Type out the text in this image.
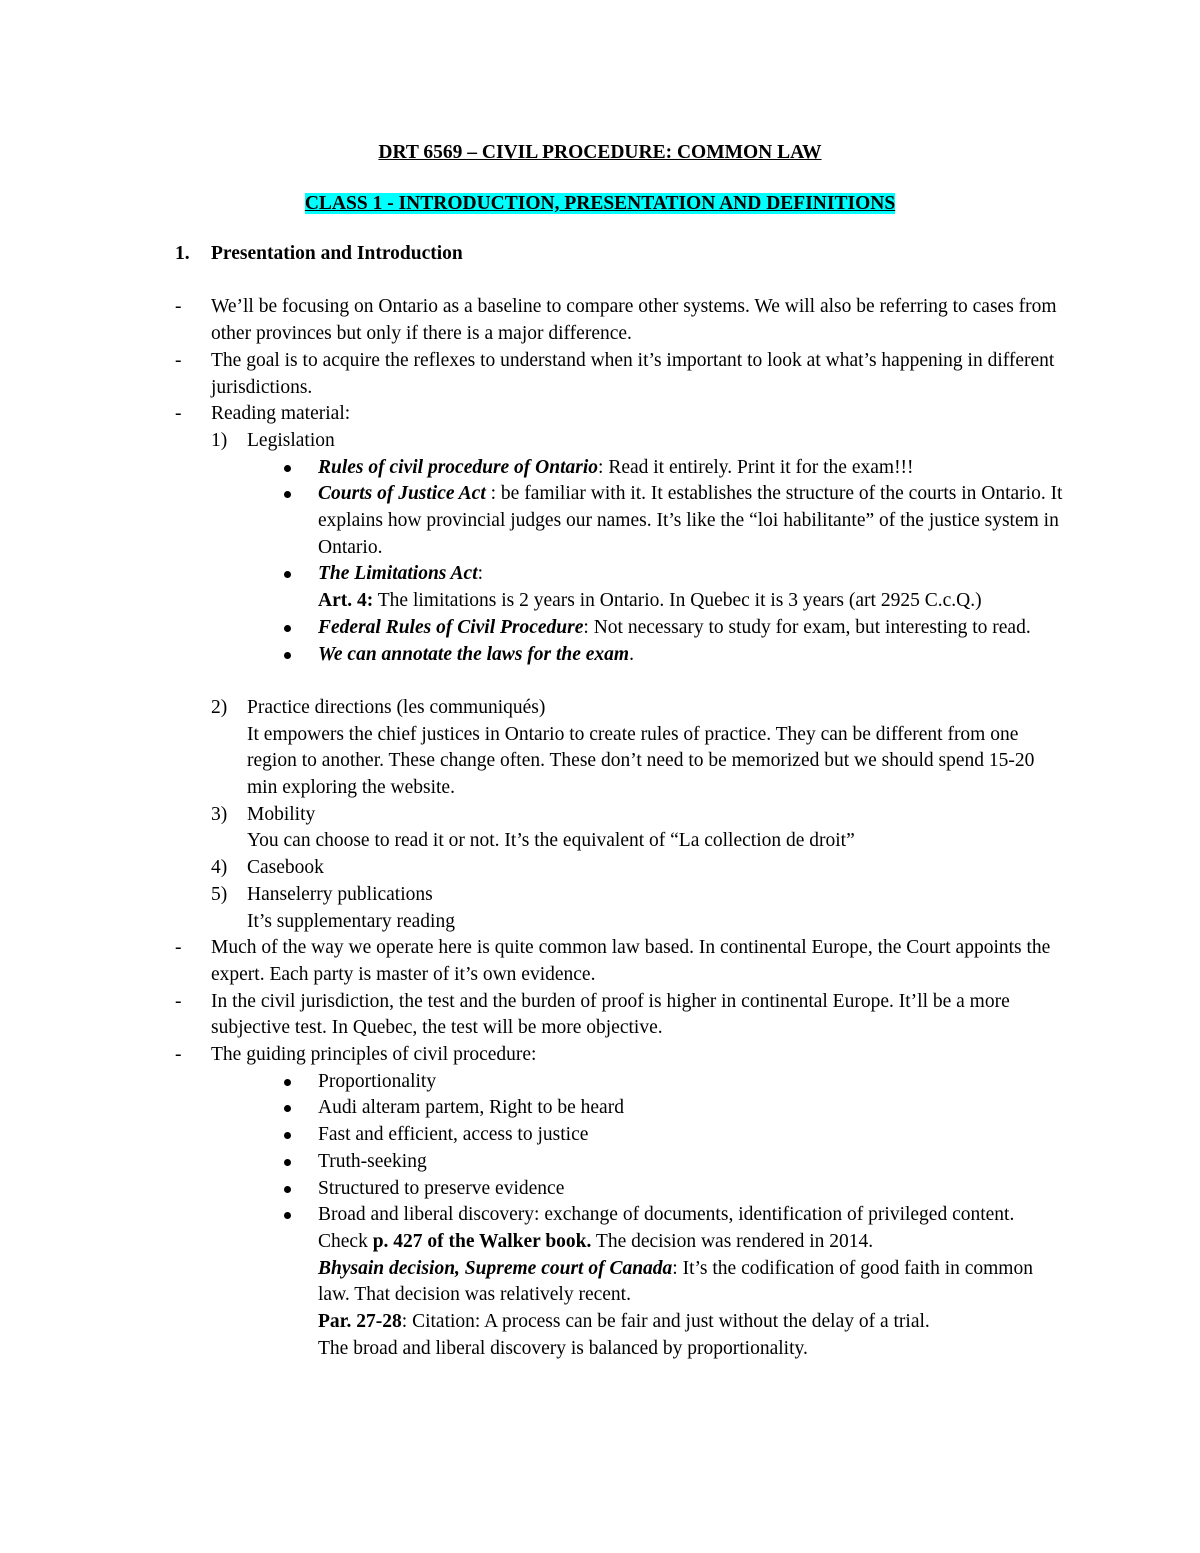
DRT 6569 – CIVIL PROCEDURE: COMMON LAW
CLASS 1 - INTRODUCTION, PRESENTATION AND DEFINITIONS
1. Presentation and Introduction
- We’ll be focusing on Ontario as a baseline to compare other systems. We will also be referring to cases from other provinces but only if there is a major difference.
- The goal is to acquire the reflexes to understand when it’s important to look at what’s happening in different jurisdictions.
- Reading material:
1) Legislation
Rules of civil procedure of Ontario: Read it entirely. Print it for the exam!!!
Courts of Justice Act : be familiar with it. It establishes the structure of the courts in Ontario. It explains how provincial judges our names. It’s like the “loi habilitante” of the justice system in Ontario.
The Limitations Act:
Art. 4: The limitations is 2 years in Ontario. In Quebec it is 3 years (art 2925 C.c.Q.)
Federal Rules of Civil Procedure: Not necessary to study for exam, but interesting to read.
We can annotate the laws for the exam.
2) Practice directions (les communiqués)
It empowers the chief justices in Ontario to create rules of practice. They can be different from one region to another. These change often. These don’t need to be memorized but we should spend 15-20 min exploring the website.
3) Mobility
You can choose to read it or not. It’s the equivalent of “La collection de droit”
4) Casebook
5) Hanselerry publications
It’s supplementary reading
- Much of the way we operate here is quite common law based. In continental Europe, the Court appoints the expert. Each party is master of it’s own evidence.
- In the civil jurisdiction, the test and the burden of proof is higher in continental Europe. It’ll be a more subjective test. In Quebec, the test will be more objective.
- The guiding principles of civil procedure:
Proportionality
Audi alteram partem, Right to be heard
Fast and efficient, access to justice
Truth-seeking
Structured to preserve evidence
Broad and liberal discovery: exchange of documents, identification of privileged content. Check p. 427 of the Walker book. The decision was rendered in 2014.
Bhysain decision, Supreme court of Canada: It’s the codification of good faith in common law. That decision was relatively recent.
Par. 27-28: Citation: A process can be fair and just without the delay of a trial.
The broad and liberal discovery is balanced by proportionality.
